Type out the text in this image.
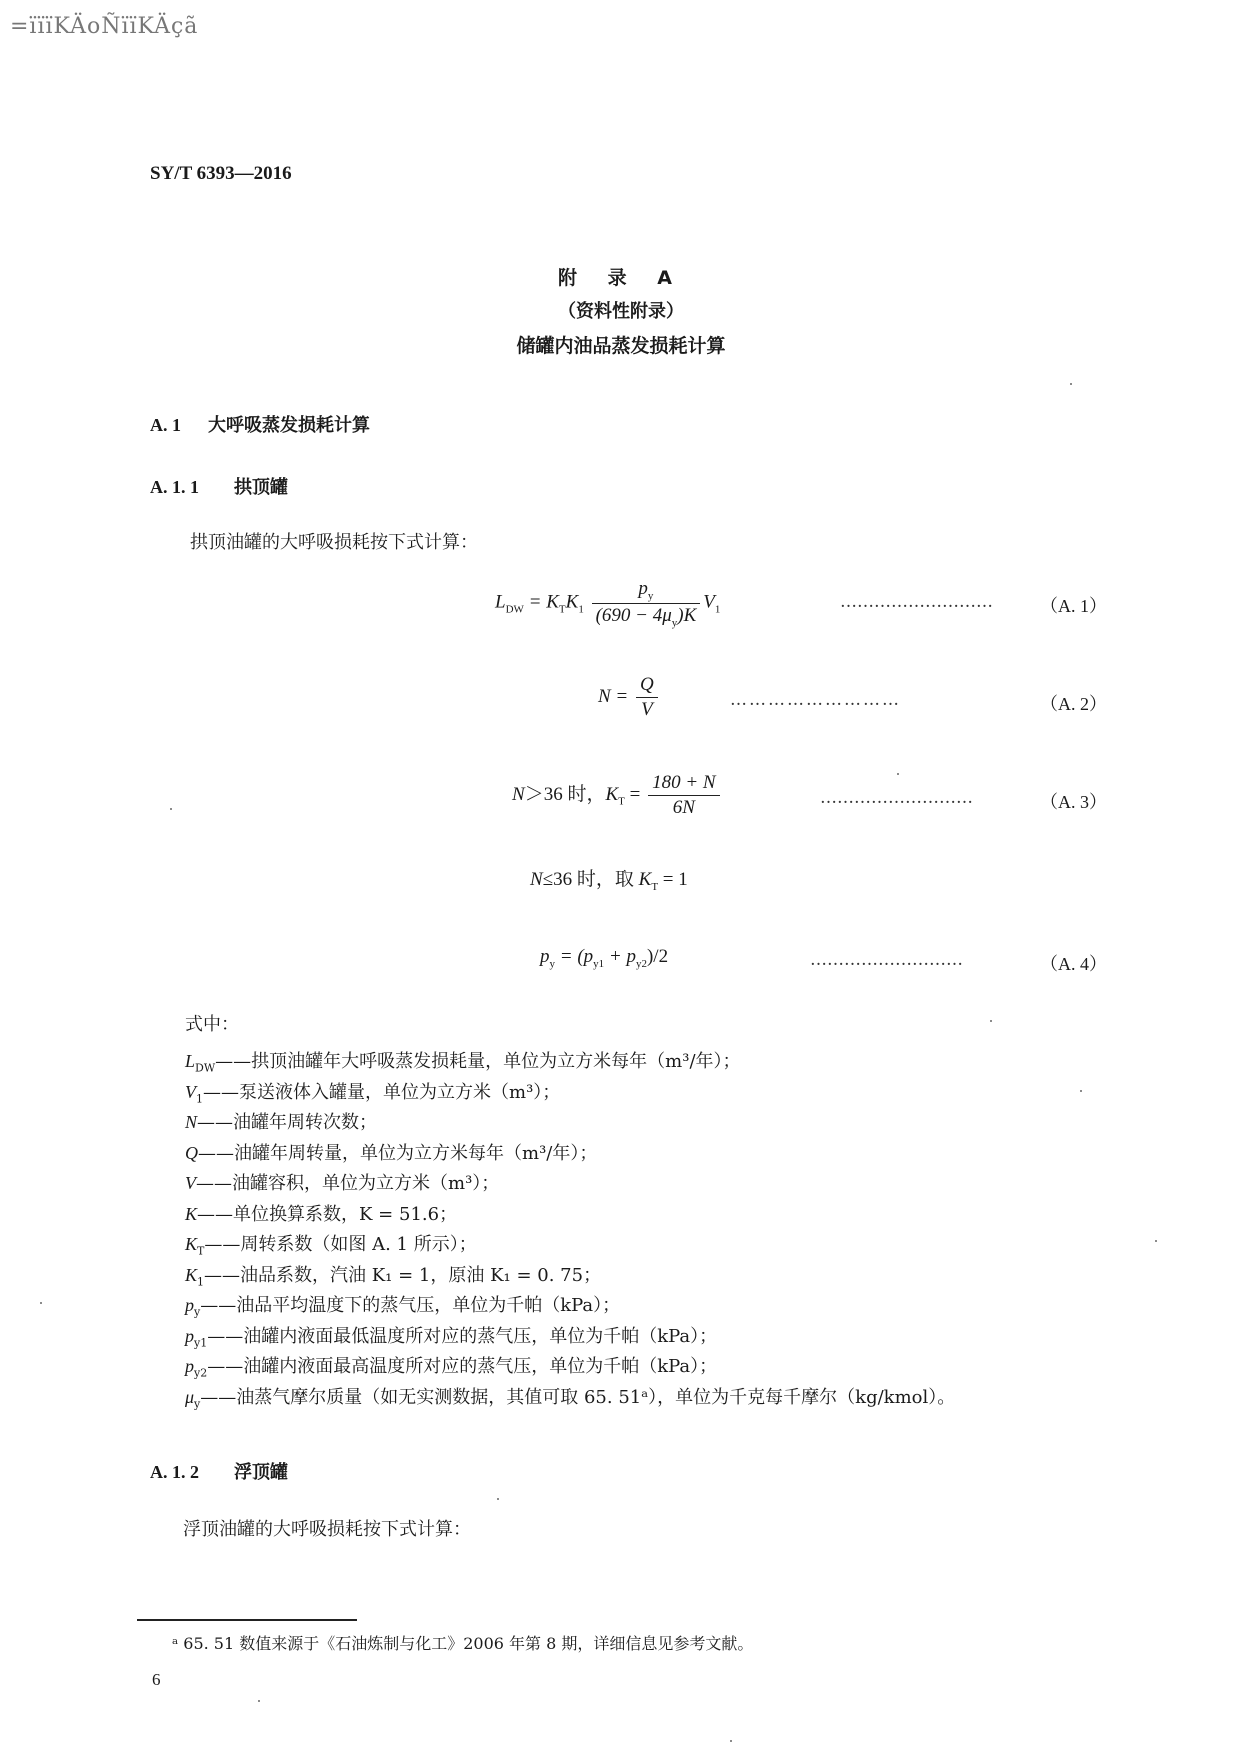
=ïïïKÄoÑïïKÄçã
SY/T 6393—2016
附 录 A
（资料性附录）
储罐内油品蒸发损耗计算
A. 1 大呼吸蒸发损耗计算
A. 1. 1 拱顶罐
拱顶油罐的大呼吸损耗按下式计算：
$L_{DW} = K_TK_1 \frac{p_y}{(690 - 4\mu_y)K} V_1$	………………………	（A. 1）
$N = \frac{Q}{V}$	………………………	（A. 2）
N＞36 时，$K_T = \frac{180 + N}{6N}$	………………………	（A. 3）
N≤36 时，取 $K_T = 1$
$p_y = (p_{y1} + p_{y2})/2$	………………………	（A. 4）
式中：
$L_{DW}——$拱顶油罐年大呼吸蒸发损耗量，单位为立方米每年（m³/年）；
$V_1——$泵送液体入罐量，单位为立方米（m³）；
N——油罐年周转次数；
Q——油罐年周转量，单位为立方米每年（m³/年）；
V——油罐容积，单位为立方米（m³）；
K——单位换算系数，K = 51.6；
$K_T——$周转系数（如图 A. 1 所示）；
$K_1——$油品系数，汽油 K₁ = 1，原油 K₁ = 0. 75；
$p_y——$油品平均温度下的蒸气压，单位为千帕（kPa）；
$p_{y1}——$油罐内液面最低温度所对应的蒸气压，单位为千帕（kPa）；
$p_{y2}——$油罐内液面最高温度所对应的蒸气压，单位为千帕（kPa）；
$\mu_y——$油蒸气摩尔质量（如无实测数据，其值可取 65. 51ᵃ），单位为千克每千摩尔（kg/kmol）。
A. 1. 2 浮顶罐
浮顶油罐的大呼吸损耗按下式计算：
ᵃ 65. 51 数值来源于《石油炼制与化工》2006 年第 8 期，详细信息见参考文献。
6
